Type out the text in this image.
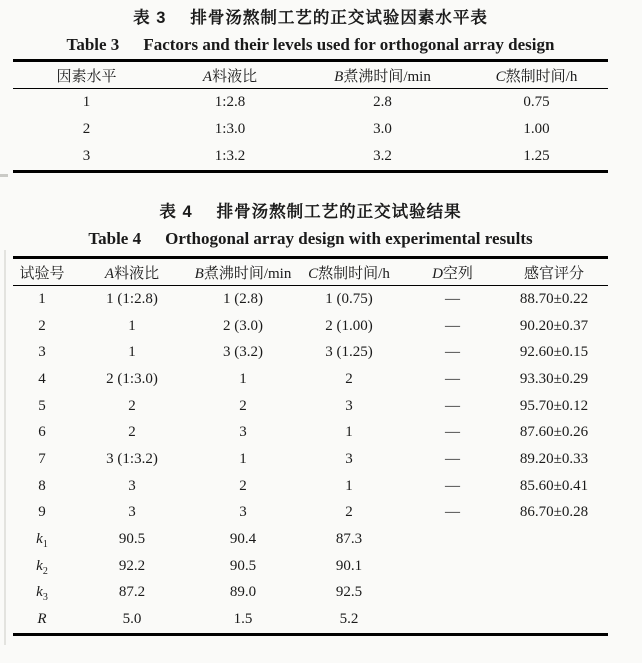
表 3 排骨汤熬制工艺的正交试验因素水平表
Table 3 Factors and their levels used for orthogonal array design
因素水平	A料液比	B煮沸时间/min	C熬制时间/h
1	1:2.8	2.8	0.75
2	1:3.0	3.0	1.00
3	1:3.2	3.2	1.25
表 4 排骨汤熬制工艺的正交试验结果
Table 4 Orthogonal array design with experimental results
试验号	A料液比	B煮沸时间/min	C熬制时间/h	D空列	感官评分
1	1 (1:2.8)	1 (2.8)	1 (0.75)	—	88.70±0.22
2	1	2 (3.0)	2 (1.00)	—	90.20±0.37
3	1	3 (3.2)	3 (1.25)	—	92.60±0.15
4	2 (1:3.0)	1	2	—	93.30±0.29
5	2	2	3	—	95.70±0.12
6	2	3	1	—	87.60±0.26
7	3 (1:3.2)	1	3	—	89.20±0.33
8	3	2	1	—	85.60±0.41
9	3	3	2	—	86.70±0.28
$k_1$	90.5	90.4	87.3		
$k_2$	92.2	90.5	90.1		
$k_3$	87.2	89.0	92.5		
R	5.0	1.5	5.2		
